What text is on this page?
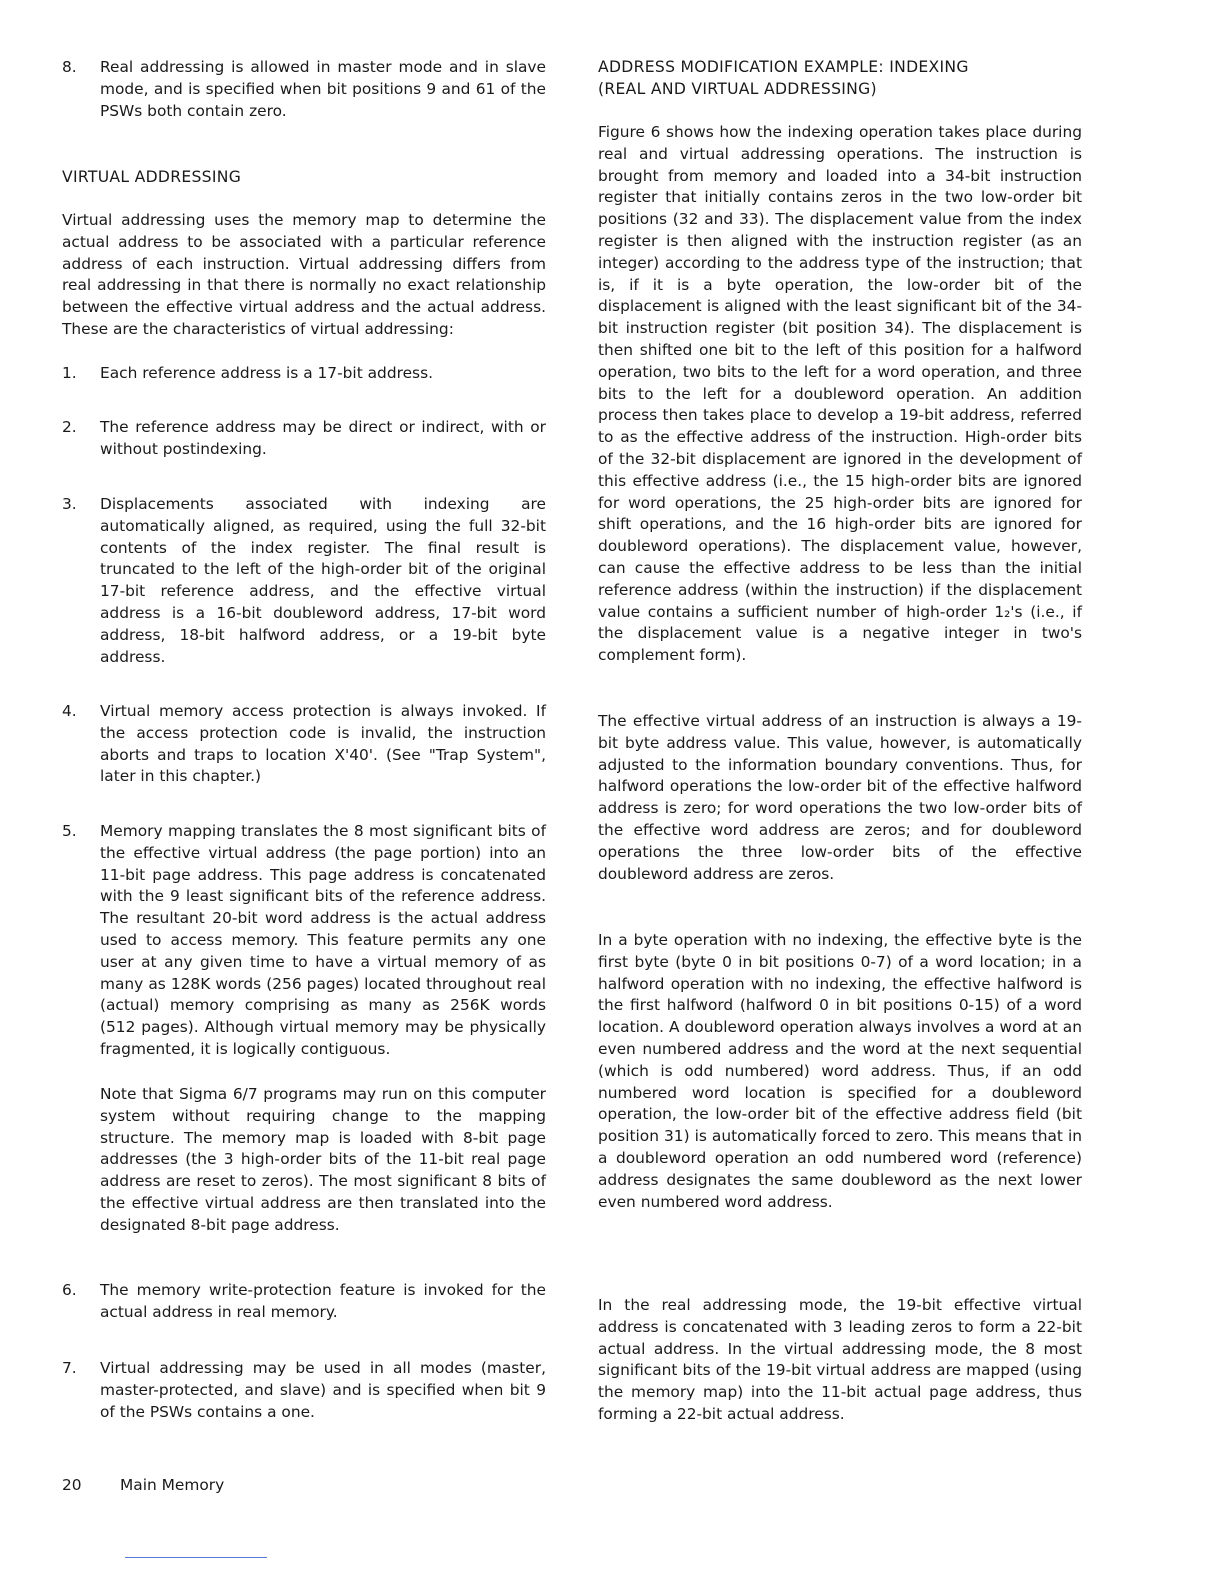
8. Real addressing is allowed in master mode and in slave mode, and is specified when bit positions 9 and 61 of the PSWs both contain zero.

VIRTUAL ADDRESSING

Virtual addressing uses the memory map to determine the actual address to be associated with a particular reference address of each instruction. Virtual addressing differs from real addressing in that there is normally no exact relationship between the effective virtual address and the actual address. These are the characteristics of virtual addressing:

1. Each reference address is a 17-bit address.

2. The reference address may be direct or indirect, with or without postindexing.

3. Displacements associated with indexing are automatically aligned, as required, using the full 32-bit contents of the index register. The final result is truncated to the left of the high-order bit of the original 17-bit reference address, and the effective virtual address is a 16-bit doubleword address, 17-bit word address, 18-bit halfword address, or a 19-bit byte address.

4. Virtual memory access protection is always invoked. If the access protection code is invalid, the instruction aborts and traps to location X'40'. (See "Trap System", later in this chapter.)

5. Memory mapping translates the 8 most significant bits of the effective virtual address (the page portion) into an 11-bit page address. This page address is concatenated with the 9 least significant bits of the reference address. The resultant 20-bit word address is the actual address used to access memory. This feature permits any one user at any given time to have a virtual memory of as many as 128K words (256 pages) located throughout real (actual) memory comprising as many as 256K words (512 pages). Although virtual memory may be physically fragmented, it is logically contiguous.

Note that Sigma 6/7 programs may run on this computer system without requiring change to the mapping structure. The memory map is loaded with 8-bit page addresses (the 3 high-order bits of the 11-bit real page address are reset to zeros). The most significant 8 bits of the effective virtual address are then translated into the designated 8-bit page address.

6. The memory write-protection feature is invoked for the actual address in real memory.

7. Virtual addressing may be used in all modes (master, master-protected, and slave) and is specified when bit 9 of the PSWs contains a one.

ADDRESS MODIFICATION EXAMPLE: INDEXING

(REAL AND VIRTUAL ADDRESSING)

Figure 6 shows how the indexing operation takes place during real and virtual addressing operations. The instruction is brought from memory and loaded into a 34-bit instruction register that initially contains zeros in the two low-order bit positions (32 and 33). The displacement value from the index register is then aligned with the instruction register (as an integer) according to the address type of the instruction; that is, if it is a byte operation, the low-order bit of the displacement is aligned with the least significant bit of the 34-bit instruction register (bit position 34). The displacement is then shifted one bit to the left of this position for a halfword operation, two bits to the left for a word operation, and three bits to the left for a doubleword operation. An addition process then takes place to develop a 19-bit address, referred to as the effective address of the instruction. High-order bits of the 32-bit displacement are ignored in the development of this effective address (i.e., the 15 high-order bits are ignored for word operations, the 25 high-order bits are ignored for shift operations, and the 16 high-order bits are ignored for doubleword operations). The displacement value, however, can cause the effective address to be less than the initial reference address (within the instruction) if the displacement value contains a sufficient number of high-order 1₂'s (i.e., if the displacement value is a negative integer in two's complement form).

The effective virtual address of an instruction is always a 19-bit byte address value. This value, however, is automatically adjusted to the information boundary conventions. Thus, for halfword operations the low-order bit of the effective halfword address is zero; for word operations the two low-order bits of the effective word address are zeros; and for doubleword operations the three low-order bits of the effective doubleword address are zeros.

In a byte operation with no indexing, the effective byte is the first byte (byte 0 in bit positions 0-7) of a word location; in a halfword operation with no indexing, the effective halfword is the first halfword (halfword 0 in bit positions 0-15) of a word location. A doubleword operation always involves a word at an even numbered address and the word at the next sequential (which is odd numbered) word address. Thus, if an odd numbered word location is specified for a doubleword operation, the low-order bit of the effective address field (bit position 31) is automatically forced to zero. This means that in a doubleword operation an odd numbered word (reference) address designates the same doubleword as the next lower even numbered word address.

In the real addressing mode, the 19-bit effective virtual address is concatenated with 3 leading zeros to form a 22-bit actual address. In the virtual addressing mode, the 8 most significant bits of the 19-bit virtual address are mapped (using the memory map) into the 11-bit actual page address, thus forming a 22-bit actual address.

20 Main Memory
